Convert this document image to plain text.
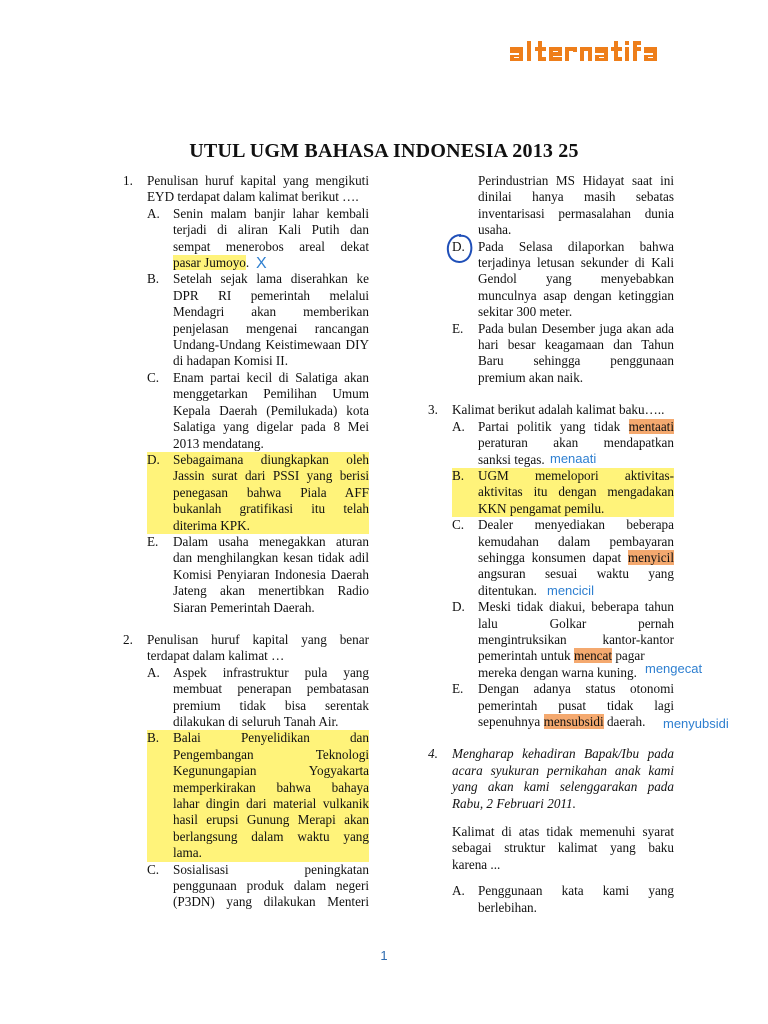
UTUL UGM BAHASA INDONESIA 2013 25
1. Penulisan huruf kapital yang mengikuti

EYD terdapat dalam kalimat berikut ….

A. Senin malam banjir lahar kembali

terjadi di aliran Kali Putih dan

sempat menerobos areal dekat

pasar Jumoyo.

B. Setelah sejak lama diserahkan ke

DPR RI pemerintah melalui

Mendagri akan memberikan

penjelasan mengenai rancangan

Undang-Undang Keistimewaan DIY

di hadapan Komisi II.

C. Enam partai kecil di Salatiga akan

menggetarkan Pemilihan Umum

Kepala Daerah (Pemilukada) kota

Salatiga yang digelar pada 8 Mei

2013 mendatang.

D. Sebagaimana diungkapkan oleh

Jassin surat dari PSSI yang berisi

penegasan bahwa Piala AFF

bukanlah gratifikasi itu telah

diterima KPK.

E. Dalam usaha menegakkan aturan

dan menghilangkan kesan tidak adil

Komisi Penyiaran Indonesia Daerah

Jateng akan menertibkan Radio

Siaran Pemerintah Daerah.

2. Penulisan huruf kapital yang benar

terdapat dalam kalimat …

A. Aspek infrastruktur pula yang

membuat penerapan pembatasan

premium tidak bisa serentak

dilakukan di seluruh Tanah Air.

B. Balai Penyelidikan dan

Pengembangan Teknologi

Kegunungapian Yogyakarta

memperkirakan bahwa bahaya

lahar dingin dari material vulkanik

hasil erupsi Gunung Merapi akan

berlangsung dalam waktu yang

lama.

C. Sosialisasi peningkatan

penggunaan produk dalam negeri

(P3DN) yang dilakukan Menteri

Perindustrian MS Hidayat saat ini

dinilai hanya masih sebatas

inventarisasi permasalahan dunia

usaha.

D. Pada Selasa dilaporkan bahwa

terjadinya letusan sekunder di Kali

Gendol yang menyebabkan

munculnya asap dengan ketinggian

sekitar 300 meter.

E. Pada bulan Desember juga akan ada

hari besar keagamaan dan Tahun

Baru sehingga penggunaan

premium akan naik.

3. Kalimat berikut adalah kalimat baku…..

A. Partai politik yang tidak mentaati

peraturan akan mendapatkan

sanksi tegas.

B. UGM memelopori aktivitas-

aktivitas itu dengan mengadakan

KKN pengamat pemilu.

C. Dealer menyediakan beberapa

kemudahan dalam pembayaran

sehingga konsumen dapat menyicil

angsuran sesuai waktu yang

ditentukan.

D. Meski tidak diakui, beberapa tahun

lalu Golkar pernah

mengintruksikan kantor-kantor

pemerintah untuk mencat pagar

mereka dengan warna kuning.

E. Dengan adanya status otonomi

pemerintah pusat tidak lagi

sepenuhnya mensubsidi daerah.

4. Mengharap kehadiran Bapak/Ibu pada

acara syukuran pernikahan anak kami

yang akan kami selenggarakan pada

Rabu, 2 Februari 2011.

Kalimat di atas tidak memenuhi syarat

sebagai struktur kalimat yang baku

karena ...

A. Penggunaan kata kami yang

berlebihan.

X
menaati
mencicil
mengecat
menyubsidi
1
